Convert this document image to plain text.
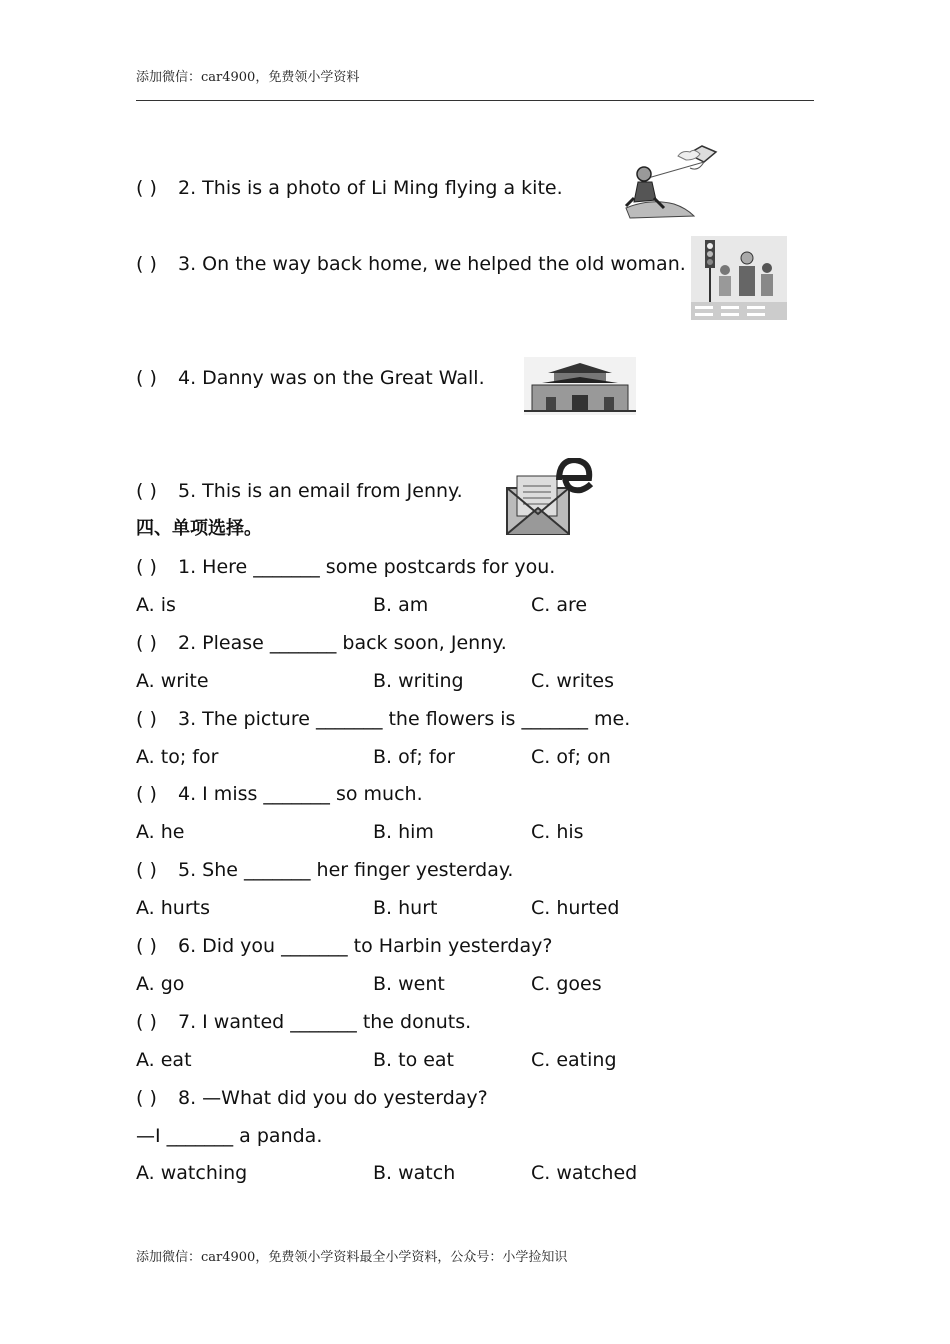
添加微信：car4900，免费领小学资料
( ) 2. This is a photo of Li Ming flying a kite.
( ) 3. On the way back home, we helped the old woman.
( ) 4. Danny was on the Great Wall.
( ) 5. This is an email from Jenny.
四、单项选择。
( ) 1. Here _______ some postcards for you.
A. is	B. am	C. are
( ) 2. Please _______ back soon, Jenny.
A. write	B. writing	C. writes
( ) 3. The picture _______ the flowers is _______ me.
A. to; for	B. of; for	C. of; on
( ) 4. I miss _______ so much.
A. he	B. him	C. his
( ) 5. She _______ her finger yesterday.
A. hurts	B. hurt	C. hurted
( ) 6. Did you _______ to Harbin yesterday?
A. go	B. went	C. goes
( ) 7. I wanted _______ the donuts.
A. eat	B. to eat	C. eating
( ) 8. —What did you do yesterday?
—I _______ a panda.
A. watching	B. watch	C. watched
添加微信：car4900，免费领小学资料最全小学资料，公众号：小学捡知识
